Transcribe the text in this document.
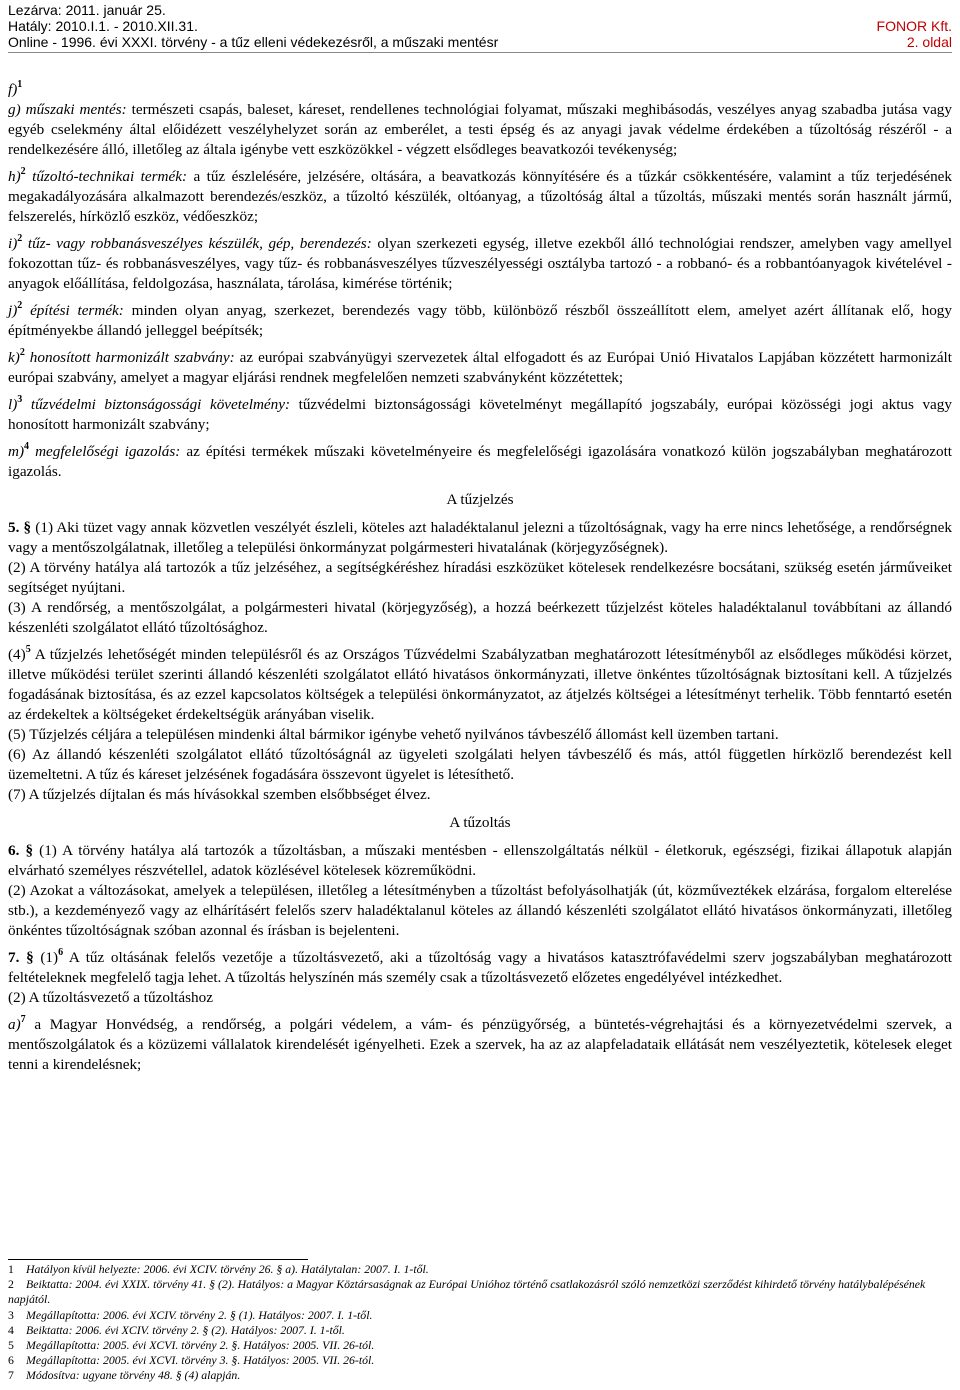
Lezárva: 2011. január 25.
Hatály: 2010.I.1. - 2010.XII.31.
Online - 1996. évi XXXI. törvény - a tűz elleni védekezésről, a műszaki mentésr
FONOR Kft.
2. oldal

f)$^1$

g) műszaki mentés: természeti csapás, baleset, káreset, rendellenes technológiai folyamat, műszaki meghibásodás, veszélyes anyag szabadba jutása vagy egyéb cselekmény által előidézett veszélyhelyzet során az emberélet, a testi épség és az anyagi javak védelme érdekében a tűzoltóság részéről - a rendelkezésére álló, illetőleg az általa igénybe vett eszközökkel - végzett elsődleges beavatkozói tevékenység;

h)$^2$ tűzoltó-technikai termék: a tűz észlelésére, jelzésére, oltására, a beavatkozás könnyítésére és a tűzkár csökkentésére, valamint a tűz terjedésének megakadályozására alkalmazott berendezés/eszköz, a tűzoltó készülék, oltóanyag, a tűzoltóság által a tűzoltás, műszaki mentés során használt jármű, felszerelés, hírközlő eszköz, védőeszköz;

i)$^2$ tűz- vagy robbanásveszélyes készülék, gép, berendezés: olyan szerkezeti egység, illetve ezekből álló technológiai rendszer, amelyben vagy amellyel fokozottan tűz- és robbanásveszélyes, vagy tűz- és robbanásveszélyes tűzveszélyességi osztályba tartozó - a robbanó- és a robbantóanyagok kivételével - anyagok előállítása, feldolgozása, használata, tárolása, kimérése történik;

j)$^2$ építési termék: minden olyan anyag, szerkezet, berendezés vagy több, különböző részből összeállított elem, amelyet azért állítanak elő, hogy építményekbe állandó jelleggel beépítsék;

k)$^2$ honosított harmonizált szabvány: az európai szabványügyi szervezetek által elfogadott és az Európai Unió Hivatalos Lapjában közzétett harmonizált európai szabvány, amelyet a magyar eljárási rendnek megfelelően nemzeti szabványként közzétettek;

l)$^3$ tűzvédelmi biztonságossági követelmény: tűzvédelmi biztonságossági követelményt megállapító jogszabály, európai közösségi jogi aktus vagy honosított harmonizált szabvány;

m)$^4$ megfelelőségi igazolás: az építési termékek műszaki követelményeire és megfelelőségi igazolására vonatkozó külön jogszabályban meghatározott igazolás.

A tűzjelzés

5. § (1) Aki tüzet vagy annak közvetlen veszélyét észleli, köteles azt haladéktalanul jelezni a tűzoltóságnak, vagy ha erre nincs lehetősége, a rendőrségnek vagy a mentőszolgálatnak, illetőleg a települési önkormányzat polgármesteri hivatalának (körjegyzőségnek).

(2) A törvény hatálya alá tartozók a tűz jelzéséhez, a segítségkéréshez híradási eszközüket kötelesek rendelkezésre bocsátani, szükség esetén járműveiket segítséget nyújtani.

(3) A rendőrség, a mentőszolgálat, a polgármesteri hivatal (körjegyzőség), a hozzá beérkezett tűzjelzést köteles haladéktalanul továbbítani az állandó készenléti szolgálatot ellátó tűzoltósághoz.

$(4)^5$ A tűzjelzés lehetőségét minden településről és az Országos Tűzvédelmi Szabályzatban meghatározott létesítményből az elsődleges működési körzet, illetve működési terület szerinti állandó készenléti szolgálatot ellátó hivatásos önkormányzati, illetve önkéntes tűzoltóságnak biztosítani kell. A tűzjelzés fogadásának biztosítása, és az ezzel kapcsolatos költségek a települési önkormányzatot, az átjelzés költségei a létesítményt terhelik. Több fenntartó esetén az érdekeltek a költségeket érdekeltségük arányában viselik.

(5) Tűzjelzés céljára a településen mindenki által bármikor igénybe vehető nyilvános távbeszélő állomást kell üzemben tartani.

(6) Az állandó készenléti szolgálatot ellátó tűzoltóságnál az ügyeleti szolgálati helyen távbeszélő és más, attól független hírközlő berendezést kell üzemeltetni. A tűz és káreset jelzésének fogadására összevont ügyelet is létesíthető.

(7) A tűzjelzés díjtalan és más hívásokkal szemben elsőbbséget élvez.

A tűzoltás

6. § (1) A törvény hatálya alá tartozók a tűzoltásban, a műszaki mentésben - ellenszolgáltatás nélkül - életkoruk, egészségi, fizikai állapotuk alapján elvárható személyes részvétellel, adatok közlésével kötelesek közreműködni.

(2) Azokat a változásokat, amelyek a településen, illetőleg a létesítményben a tűzoltást befolyásolhatják (út, közműveztékek elzárása, forgalom elterelése stb.), a kezdeményező vagy az elhárításért felelős szerv haladéktalanul köteles az állandó készenléti szolgálatot ellátó hivatásos önkormányzati, illetőleg önkéntes tűzoltóságnak szóban azonnal és írásban is bejelenteni.

7. § $(1)^6$ A tűz oltásának felelős vezetője a tűzoltásvezető, aki a tűzoltóság vagy a hivatásos katasztrófavédelmi szerv jogszabályban meghatározott feltételeknek megfelelő tagja lehet. A tűzoltás helyszínén más személy csak a tűzoltásvezető előzetes engedélyével intézkedhet.

(2) A tűzoltásvezető a tűzoltáshoz

a)$^7$ a Magyar Honvédség, a rendőrség, a polgári védelem, a vám- és pénzügyőrség, a büntetés-végrehajtási és a környezetvédelmi szervek, a mentőszolgálatok és a közüzemi vállalatok kirendelését igényelheti. Ezek a szervek, ha az az alapfeladataik ellátását nem veszélyeztetik, kötelesek eleget tenni a kirendelésnek;

1 Hatályon kívül helyezte: 2006. évi XCIV. törvény 26. § a). Hatálytalan: 2007. I. 1-től.

2 Beiktatta: 2004. évi XXIX. törvény 41. § (2). Hatályos: a Magyar Köztársaságnak az Európai Unióhoz történő csatlakozásról szóló nemzetközi szerződést kihirdető törvény hatálybalépésének napjától.

3 Megállapította: 2006. évi XCIV. törvény 2. § (1). Hatályos: 2007. I. 1-től.

4 Beiktatta: 2006. évi XCIV. törvény 2. § (2). Hatályos: 2007. I. 1-től.

5 Megállapította: 2005. évi XCVI. törvény 2. §. Hatályos: 2005. VII. 26-tól.

6 Megállapította: 2005. évi XCVI. törvény 3. §. Hatályos: 2005. VII. 26-tól.

7 Módosítva: ugyane törvény 48. § (4) alapján.
